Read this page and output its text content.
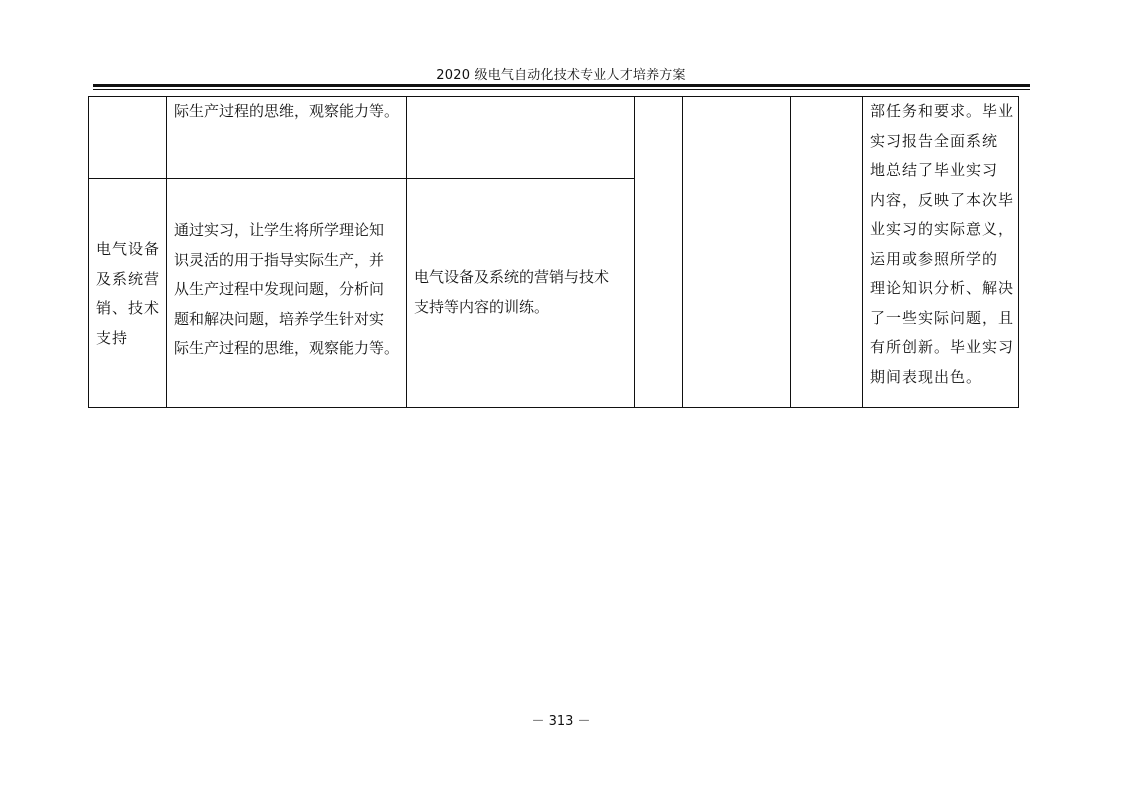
2020 级电气自动化技术专业人才培养方案
际生产过程的思维，观察能力等。
电气设备
及系统营
销、技术
支持
通过实习，让学生将所学理论知
识灵活的用于指导实际生产，并
从生产过程中发现问题，分析问
题和解决问题，培养学生针对实
际生产过程的思维，观察能力等。
电气设备及系统的营销与技术
支持等内容的训练。
部任务和要求。毕业
实习报告全面系统
地总结了毕业实习
内容，反映了本次毕
业实习的实际意义，
运用或参照所学的
理论知识分析、解决
了一些实际问题，且
有所创新。毕业实习
期间表现出色。
－ 313 －
